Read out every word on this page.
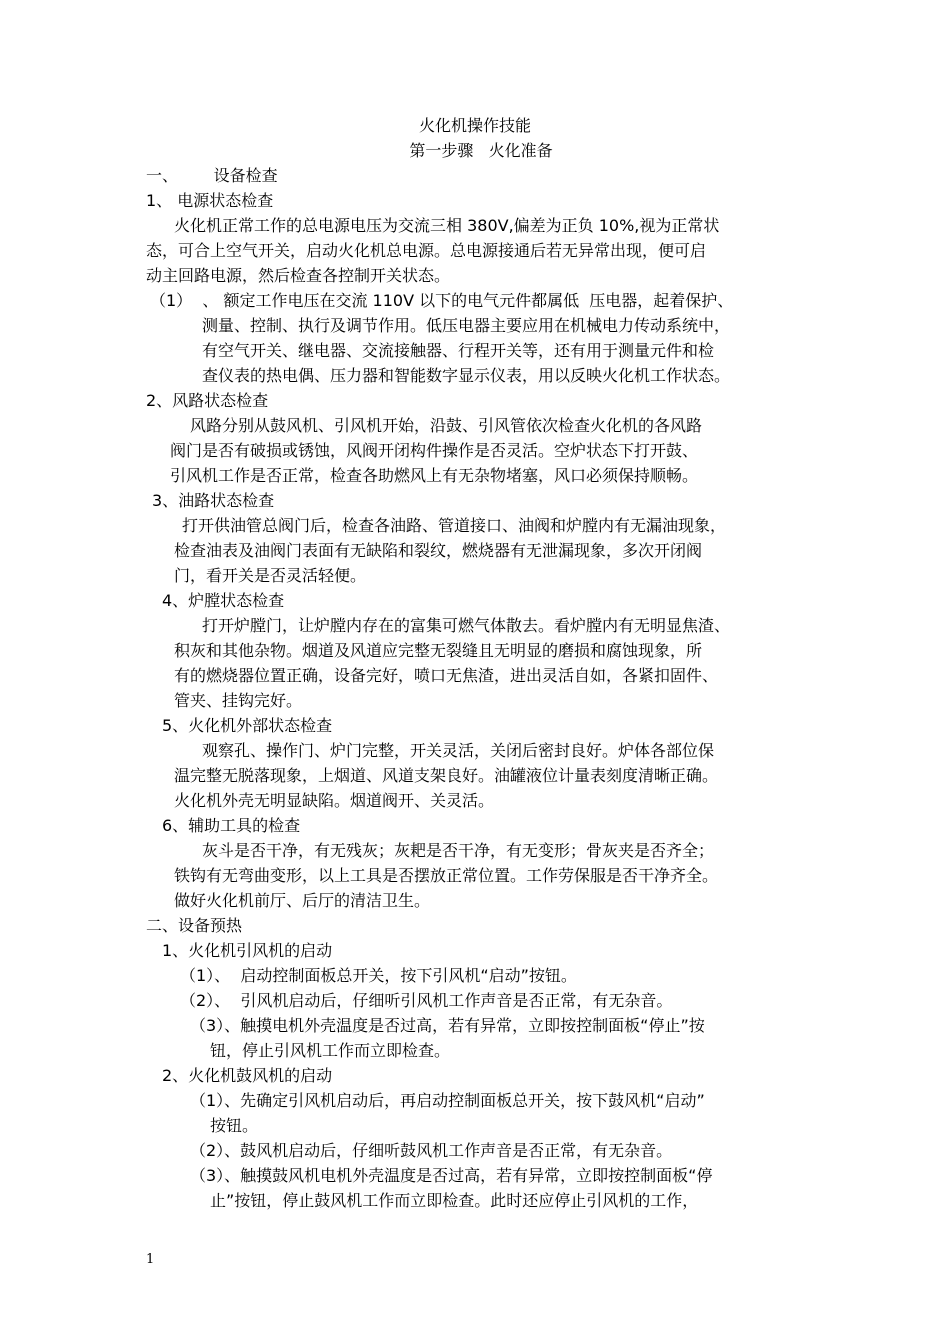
火化机操作技能
第一步骤   火化准备
一、       设备检查
1、 电源状态检查
火化机正常工作的总电源电压为交流三相 380V,偏差为正负 10%,视为正常状
态，可合上空气开关，启动火化机总电源。总电源接通后若无异常出现，便可启
动主回路电源，然后检查各控制开关状态。
（1）  、 额定工作电压在交流 110V 以下的电气元件都属低  压电器，起着保护、
测量、控制、执行及调节作用。低压电器主要应用在机械电力传动系统中，
有空气开关、继电器、交流接触器、行程开关等，还有用于测量元件和检
查仪表的热电偶、压力器和智能数字显示仪表，用以反映火化机工作状态。
2、风路状态检查
风路分别从鼓风机、引风机开始，沿鼓、引风管依次检查火化机的各风路
阀门是否有破损或锈蚀，风阀开闭构件操作是否灵活。空炉状态下打开鼓、
引风机工作是否正常，检查各助燃风上有无杂物堵塞，风口必须保持顺畅。
3、油路状态检查
打开供油管总阀门后，检查各油路、管道接口、油阀和炉膛内有无漏油现象，
检查油表及油阀门表面有无缺陷和裂纹，燃烧器有无泄漏现象，多次开闭阀
门，看开关是否灵活轻便。
4、炉膛状态检查
打开炉膛门，让炉膛内存在的富集可燃气体散去。看炉膛内有无明显焦渣、
积灰和其他杂物。烟道及风道应完整无裂缝且无明显的磨损和腐蚀现象，所
有的燃烧器位置正确，设备完好，喷口无焦渣，进出灵活自如，各紧扣固件、
管夹、挂钩完好。
5、火化机外部状态检查
观察孔、操作门、炉门完整，开关灵活，关闭后密封良好。炉体各部位保
温完整无脱落现象，上烟道、风道支架良好。油罐液位计量表刻度清晰正确。
火化机外壳无明显缺陷。烟道阀开、关灵活。
6、辅助工具的检查
灰斗是否干净，有无残灰；灰耙是否干净，有无变形；骨灰夹是否齐全；
铁钩有无弯曲变形，以上工具是否摆放正常位置。工作劳保服是否干净齐全。
做好火化机前厅、后厅的清洁卫生。
二、设备预热
1、火化机引风机的启动
（1）、  启动控制面板总开关，按下引风机“启动”按钮。
（2）、  引风机启动后，仔细听引风机工作声音是否正常，有无杂音。
（3）、触摸电机外壳温度是否过高，若有异常，立即按控制面板“停止”按
钮，停止引风机工作而立即检查。
2、火化机鼓风机的启动
（1）、先确定引风机启动后，再启动控制面板总开关，按下鼓风机“启动”
按钮。
（2）、鼓风机启动后，仔细听鼓风机工作声音是否正常，有无杂音。
（3）、触摸鼓风机电机外壳温度是否过高，若有异常，立即按控制面板“停
止”按钮，停止鼓风机工作而立即检查。此时还应停止引风机的工作，
1
